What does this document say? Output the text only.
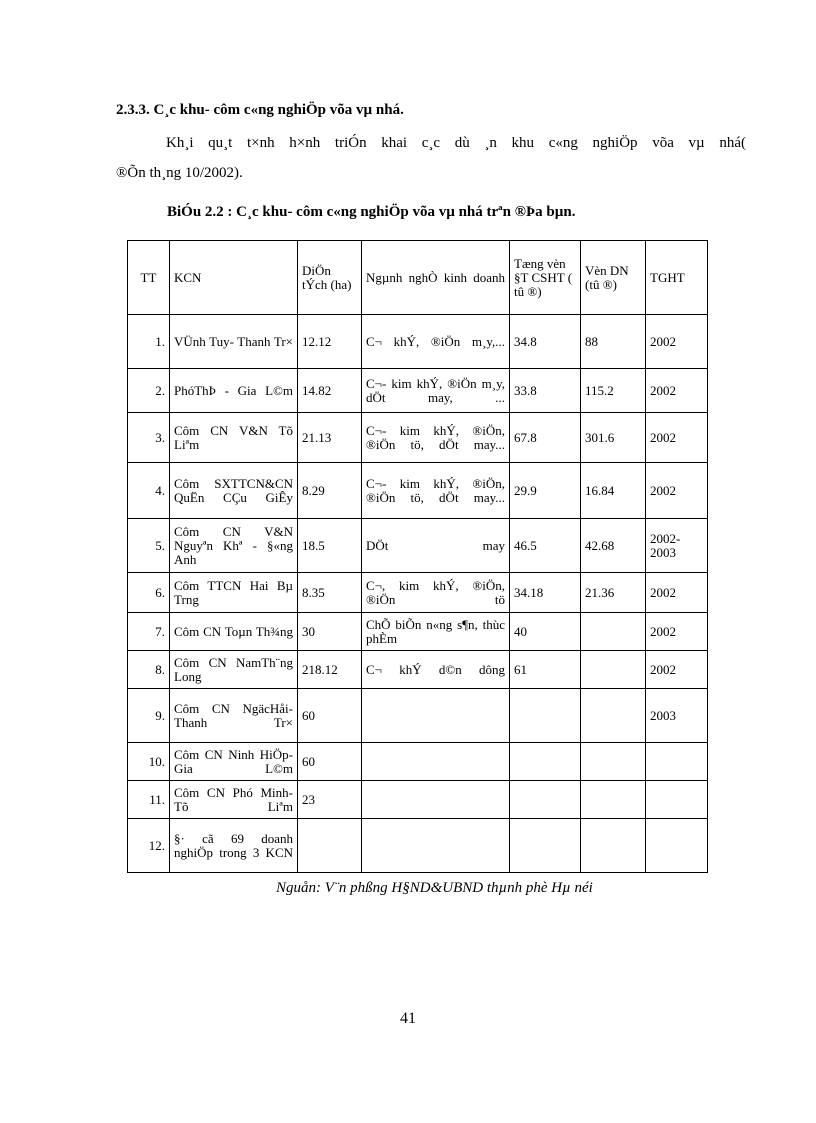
2.3.3. C¸c khu- côm c«ng nghiÖp võa vµ nhá.
Kh¸i qu¸t t×nh h×nh triÓn khai c¸c dù ¸n khu c«ng nghiÖp võa vµ nhá(
®Õn th¸ng 10/2002).
BiÓu 2.2 : C¸c khu- côm c«ng nghiÖp võa vµ nhá trªn ®Þa bµn.
TT	KCN	DiÖn tÝch (ha)	Ngµnh nghÒ kinh doanh	Tæng vèn §T CSHT ( tû ®)	Vèn DN (tû ®)	TGHT
1.	VÜnh Tuy- Thanh Tr×	12.12	C¬ khÝ, ®iÖn m¸y,...	34.8	88	2002
2.	PhóThÞ - Gia L©m	14.82	C¬- kim khÝ, ®iÖn m¸y, dÖt may, ...	33.8	115.2	2002
3.	Côm CN V&N Tõ Liªm	21.13	C¬- kim khÝ, ®iÖn, ®iÖn tö, dÖt may...	67.8	301.6	2002
4.	Côm SXTTCN&CN QuËn CÇu GiÊy	8.29	C¬- kim khÝ, ®iÖn, ®iÖn tö, dÖt may...	29.9	16.84	2002
5.	Côm CN V&N Nguyªn Khª - §«ng Anh	18.5	DÖt may	46.5	42.68	2002-2003
6.	Côm TTCN Hai Bµ Trng	8.35	C¬, kim khÝ, ®iÖn, ®iÖn tö	34.18	21.36	2002
7.	Côm CN Toµn Th¾ng	30	ChÕ biÕn n«ng s¶n, thùc phÈm	40		2002
8.	Côm CN NamTh¨ng Long	218.12	C¬ khÝ d©n dông	61		2002
9.	Côm CN NgäcHåi- Thanh Tr×	60				2003
10.	Côm CN Ninh HiÖp- Gia L©m	60				
11.	Côm CN Phó Minh- Tõ Liªm	23				
12.	§· cã 69 doanh nghiÖp trong 3 KCN					
Nguån: V¨n phßng H§ND&UBND thµnh phè Hµ néi
41
